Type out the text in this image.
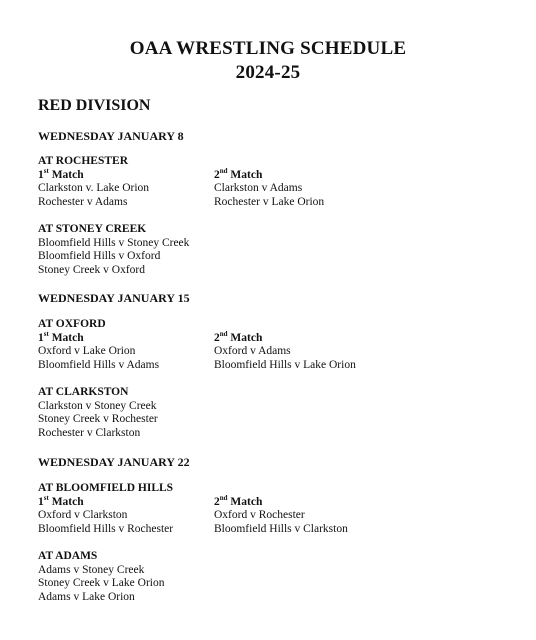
OAA WRESTLING SCHEDULE
2024-25
RED DIVISION
WEDNESDAY JANUARY 8
AT ROCHESTER
1st Match
Clarkston v. Lake Orion
Rochester v Adams
2nd Match
Clarkston v Adams
Rochester v Lake Orion
AT STONEY CREEK
Bloomfield Hills v Stoney Creek
Bloomfield Hills v Oxford
Stoney Creek v Oxford
WEDNESDAY JANUARY 15
AT OXFORD
1st Match
Oxford v Lake Orion
Bloomfield Hills v Adams
2nd Match
Oxford v Adams
Bloomfield Hills v Lake Orion
AT CLARKSTON
Clarkston v Stoney Creek
Stoney Creek v Rochester
Rochester v Clarkston
WEDNESDAY JANUARY 22
AT BLOOMFIELD HILLS
1st Match
Oxford v Clarkston
Bloomfield Hills v Rochester
2nd Match
Oxford v Rochester
Bloomfield Hills v Clarkston
AT ADAMS
Adams v Stoney Creek
Stoney Creek v Lake Orion
Adams v Lake Orion
